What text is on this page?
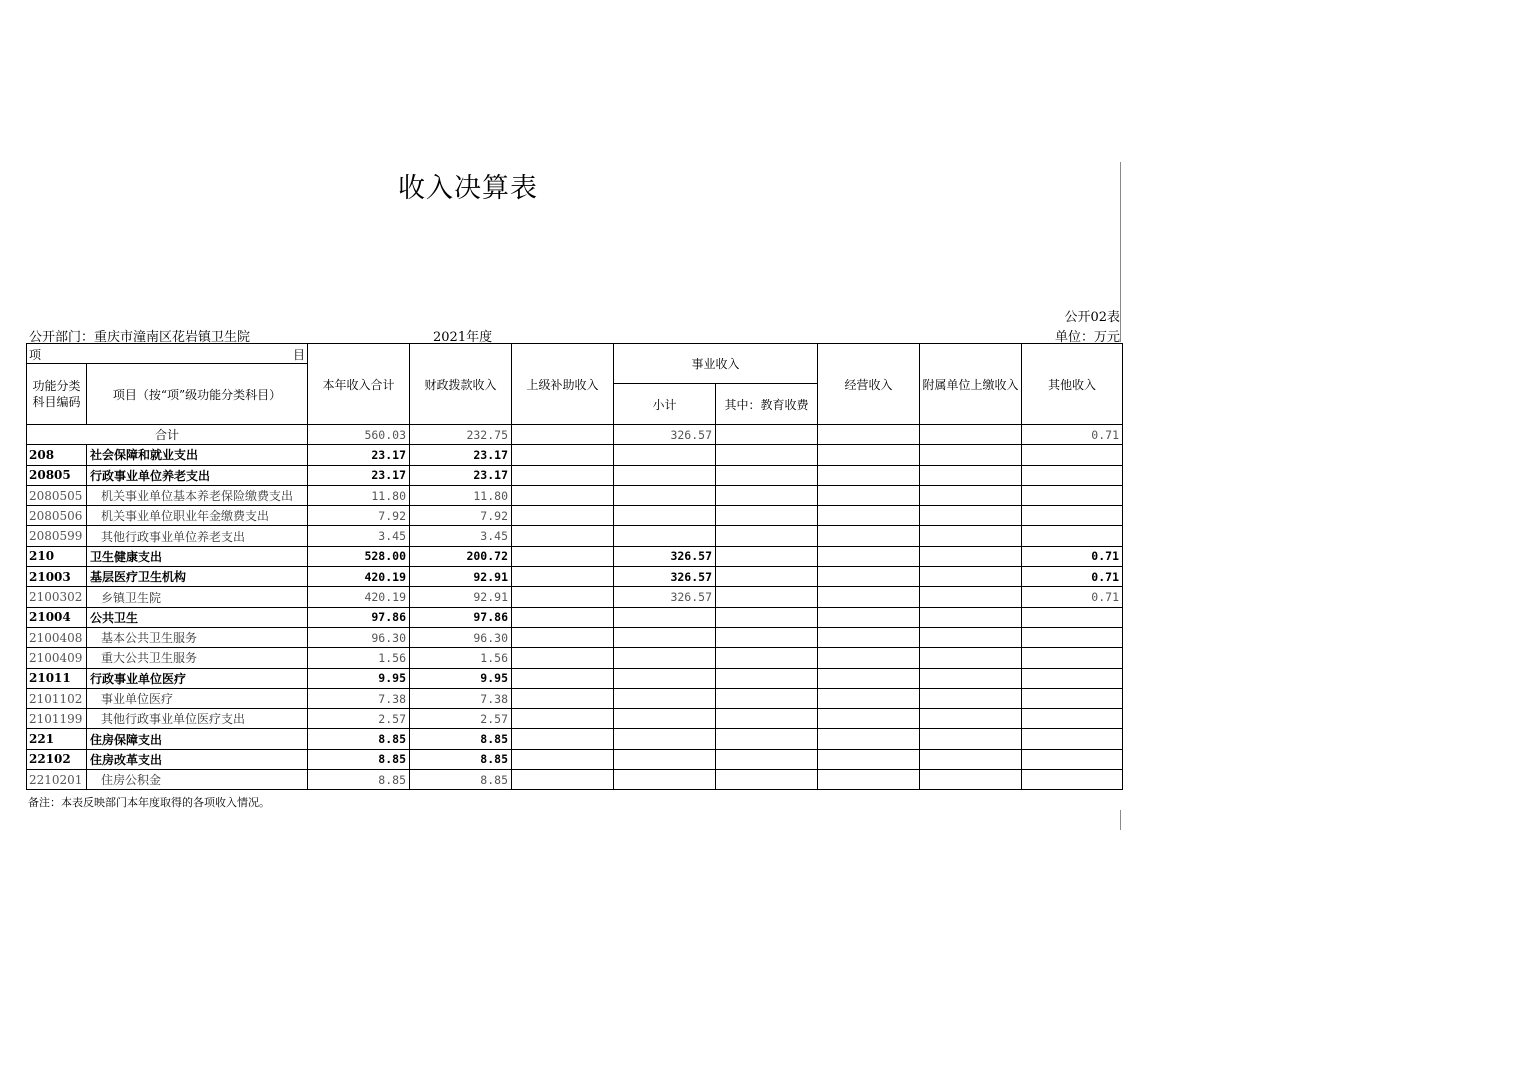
收入决算表
公开02表
公开部门：重庆市潼南区花岩镇卫生院	2021年度	单位：万元
项 目		本年收入合计	财政拨款收入	上级补助收入	事业收入		经营收入	附属单位上缴收入	其他收入
功能分类科目编码	项目（按“项”级功能分类科目）								
					小计	其中：教育收费			
合计		560.03	232.75		326.57				0.71
208	社会保障和就业支出	23.17	23.17						
20805	行政事业单位养老支出	23.17	23.17						
2080505	机关事业单位基本养老保险缴费支出	11.80	11.80						
2080506	机关事业单位职业年金缴费支出	7.92	7.92						
2080599	其他行政事业单位养老支出	3.45	3.45						
210	卫生健康支出	528.00	200.72		326.57				0.71
21003	基层医疗卫生机构	420.19	92.91		326.57				0.71
2100302	乡镇卫生院	420.19	92.91		326.57				0.71
21004	公共卫生	97.86	97.86						
2100408	基本公共卫生服务	96.30	96.30						
2100409	重大公共卫生服务	1.56	1.56						
21011	行政事业单位医疗	9.95	9.95						
2101102	事业单位医疗	7.38	7.38						
2101199	其他行政事业单位医疗支出	2.57	2.57						
221	住房保障支出	8.85	8.85						
22102	住房改革支出	8.85	8.85						
2210201	住房公积金	8.85	8.85						
备注：本表反映部门本年度取得的各项收入情况。
